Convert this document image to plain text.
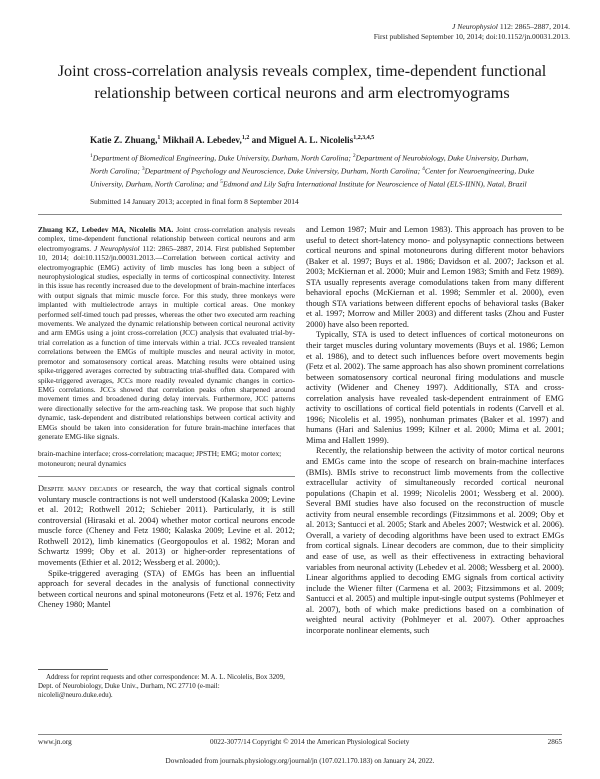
J Neurophysiol 112: 2865–2887, 2014.
First published September 10, 2014; doi:10.1152/jn.00031.2013.
Joint cross-correlation analysis reveals complex, time-dependent functional relationship between cortical neurons and arm electromyograms
Katie Z. Zhuang,$^1$ Mikhail A. Lebedev,$^{1,2}$ and Miguel A. L. Nicolelis$^{1,2,3,4,5}$
$^1$Department of Biomedical Engineering, Duke University, Durham, North Carolina; $^2$Department of Neurobiology, Duke University, Durham, North Carolina; $^3$Department of Psychology and Neuroscience, Duke University, Durham, North Carolina; $^4$Center for Neuroengineering, Duke University, Durham, North Carolina; and $^5$Edmond and Lily Safra International Institute for Neuroscience of Natal (ELS-IINN), Natal, Brazil
Submitted 14 January 2013; accepted in final form 8 September 2014
Zhuang KZ, Lebedev MA, Nicolelis MA. Joint cross-correlation analysis reveals complex, time-dependent functional relationship between cortical neurons and arm electromyograms. J Neurophysiol 112: 2865–2887, 2014. First published September 10, 2014; doi:10.1152/jn.00031.2013.—Correlation between cortical activity and electromyographic (EMG) activity of limb muscles has long been a subject of neurophysiological studies, especially in terms of corticospinal connectivity. Interest in this issue has recently increased due to the development of brain-machine interfaces with output signals that mimic muscle force. For this study, three monkeys were implanted with multielectrode arrays in multiple cortical areas. One monkey performed self-timed touch pad presses, whereas the other two executed arm reaching movements. We analyzed the dynamic relationship between cortical neuronal activity and arm EMGs using a joint cross-correlation (JCC) analysis that evaluated trial-by-trial correlation as a function of time intervals within a trial. JCCs revealed transient correlations between the EMGs of multiple muscles and neural activity in motor, premotor and somatosensory cortical areas. Matching results were obtained using spike-triggered averages corrected by subtracting trial-shuffled data. Compared with spike-triggered averages, JCCs more readily revealed dynamic changes in cortico-EMG correlations. JCCs showed that correlation peaks often sharpened around movement times and broadened during delay intervals. Furthermore, JCC patterns were directionally selective for the arm-reaching task. We propose that such highly dynamic, task-dependent and distributed relationships between cortical activity and EMGs should be taken into consideration for future brain-machine interfaces that generate EMG-like signals.
brain-machine interface; cross-correlation; macaque; JPSTH; EMG; motor cortex; motoneuron; neural dynamics

Despite many decades of research, the way that cortical signals control voluntary muscle contractions is not well understood (Kalaska 2009; Levine et al. 2012; Rothwell 2012; Schieber 2011). Particularly, it is still controversial (Hirasaki et al. 2004) whether motor cortical neurons encode muscle force (Cheney and Fetz 1980; Kalaska 2009; Levine et al. 2012; Rothwell 2012), limb kinematics (Georgopoulos et al. 1982; Moran and Schwartz 1999; Oby et al. 2013) or higher-order representations of movements (Ethier et al. 2012; Wessberg et al. 2000;).

Spike-triggered averaging (STA) of EMGs has been an influential approach for several decades in the analysis of functional connectivity between cortical neurons and spinal motoneurons (Fetz et al. 1976; Fetz and Cheney 1980; Mantel

Address for reprint requests and other correspondence: M. A. L. Nicolelis, Box 3209, Dept. of Neurobiology, Duke Univ., Durham, NC 27710 (e-mail: nicoleli@neuro.duke.edu).

and Lemon 1987; Muir and Lemon 1983). This approach has proven to be useful to detect short-latency mono- and polysynaptic connections between cortical neurons and spinal motoneurons during different motor behaviors (Baker et al. 1997; Buys et al. 1986; Davidson et al. 2007; Jackson et al. 2003; McKiernan et al. 2000; Muir and Lemon 1983; Smith and Fetz 1989). STA usually represents average comodulations taken from many different behavioral epochs (McKiernan et al. 1998; Semmler et al. 2000), even though STA variations between different epochs of behavioral tasks (Baker et al. 1997; Morrow and Miller 2003) and different tasks (Zhou and Fuster 2000) have also been reported.

Typically, STA is used to detect influences of cortical motoneurons on their target muscles during voluntary movements (Buys et al. 1986; Lemon et al. 1986), and to detect such influences before overt movements begin (Fetz et al. 2002). The same approach has also shown prominent correlations between somatosensory cortical neuronal firing modulations and muscle activity (Widener and Cheney 1997). Additionally, STA and cross-correlation analysis have revealed task-dependent entrainment of EMG activity to oscillations of cortical field potentials in rodents (Carvell et al. 1996; Nicolelis et al. 1995), nonhuman primates (Baker et al. 1997) and humans (Hari and Salenius 1999; Kilner et al. 2000; Mima et al. 2001; Mima and Hallett 1999).

Recently, the relationship between the activity of motor cortical neurons and EMGs came into the scope of research on brain-machine interfaces (BMIs). BMIs strive to reconstruct limb movements from the collective extracellular activity of simultaneously recorded cortical neuronal populations (Chapin et al. 1999; Nicolelis 2001; Wessberg et al. 2000). Several BMI studies have also focused on the reconstruction of muscle activity from neural ensemble recordings (Fitzsimmons et al. 2009; Oby et al. 2013; Santucci et al. 2005; Stark and Abeles 2007; Westwick et al. 2006). Overall, a variety of decoding algorithms have been used to extract EMGs from cortical signals. Linear decoders are common, due to their simplicity and ease of use, as well as their effectiveness in extracting behavioral variables from neuronal activity (Lebedev et al. 2008; Wessberg et al. 2000). Linear algorithms applied to decoding EMG signals from cortical activity include the Wiener filter (Carmena et al. 2003; Fitzsimmons et al. 2009; Santucci et al. 2005) and multiple input-single output systems (Pohlmeyer et al. 2007), both of which make predictions based on a combination of weighted neural activity (Pohlmeyer et al. 2007). Other approaches incorporate nonlinear elements, such

www.jn.org	0022-3077/14 Copyright © 2014 the American Physiological Society	2865
Downloaded from journals.physiology.org/journal/jn (107.021.170.183) on January 24, 2022.
